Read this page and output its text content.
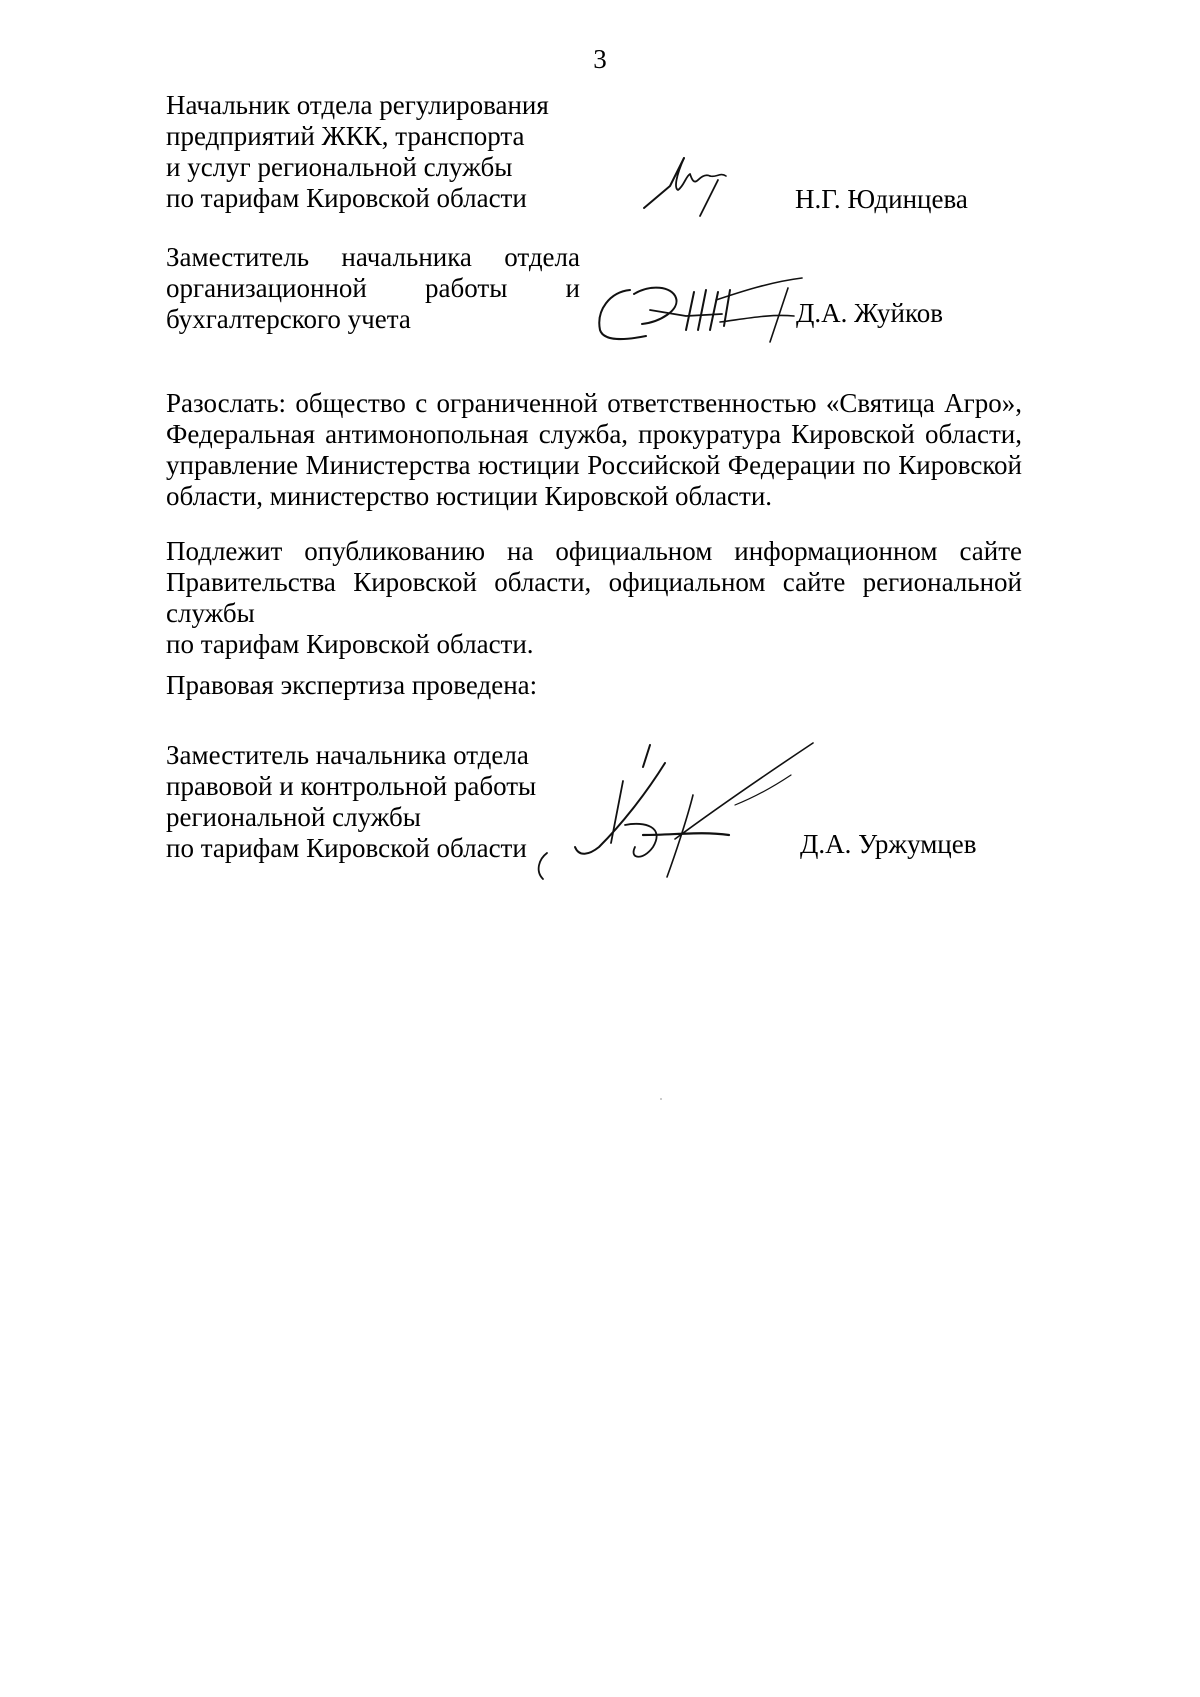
3
Начальник отдела регулирования
предприятий ЖКК, транспорта
и услуг региональной службы
по тарифам Кировской области	Н.Г. Юдинцева
Заместитель начальника отдела
организационной работы и
бухгалтерского учета	Д.А. Жуйков
Разослать: общество с ограниченной ответственностью «Святица Агро»,
Федеральная антимонопольная служба, прокуратура Кировской области,
управление Министерства юстиции Российской Федерации по Кировской
области, министерство юстиции Кировской области.
Подлежит опубликованию на официальном информационном сайте
Правительства Кировской области, официальном сайте региональной службы
по тарифам Кировской области.
Правовая экспертиза проведена:
Заместитель начальника отдела
правовой и контрольной работы
региональной службы
по тарифам Кировской области	Д.А. Уржумцев
